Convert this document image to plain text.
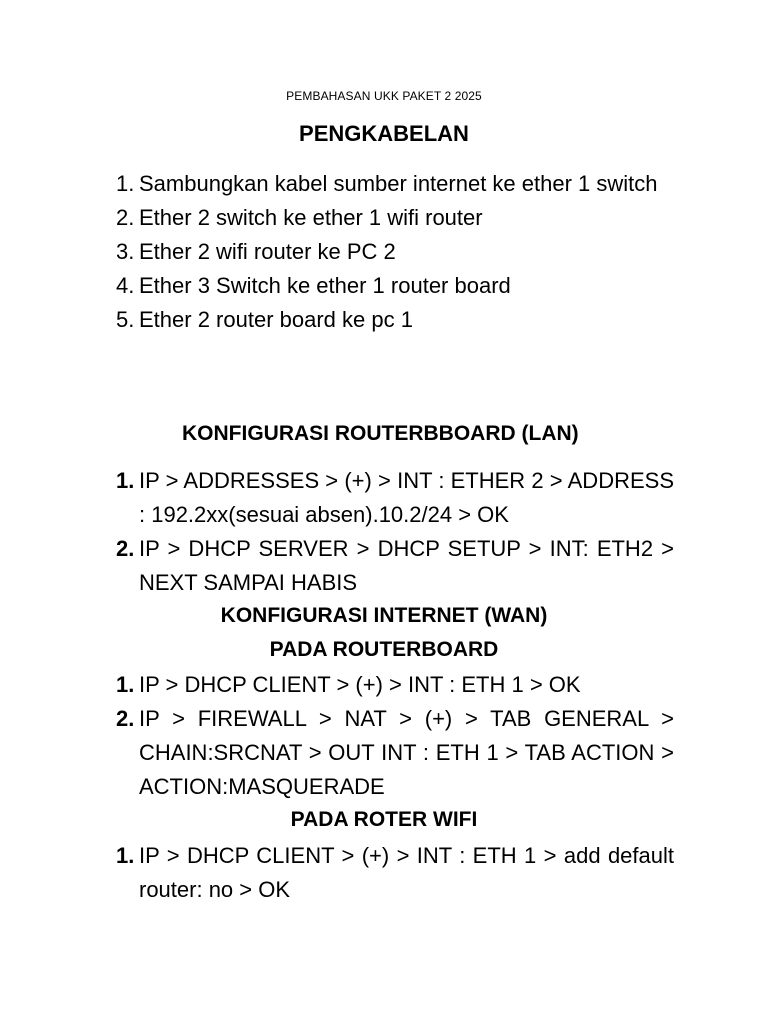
PEMBAHASAN UKK PAKET 2 2025
PENGKABELAN
1. Sambungkan kabel sumber internet ke ether 1 switch
2. Ether 2 switch ke ether 1 wifi router
3. Ether 2 wifi router ke PC 2
4. Ether 3 Switch ke ether 1 router board
5. Ether 2 router board ke pc 1
KONFIGURASI ROUTERBBOARD (LAN)
1. IP > ADDRESSES > (+) > INT : ETHER 2 > ADDRESS : 192.2xx(sesuai absen).10.2/24 > OK
2. IP > DHCP SERVER > DHCP SETUP > INT: ETH2 > NEXT SAMPAI HABIS
KONFIGURASI INTERNET (WAN)
PADA ROUTERBOARD
1. IP > DHCP CLIENT > (+) > INT : ETH 1 > OK
2. IP > FIREWALL > NAT > (+) > TAB GENERAL > CHAIN:SRCNAT > OUT INT : ETH 1 > TAB ACTION > ACTION:MASQUERADE
PADA ROTER WIFI
1. IP > DHCP CLIENT > (+) > INT : ETH 1 > add default router: no > OK
